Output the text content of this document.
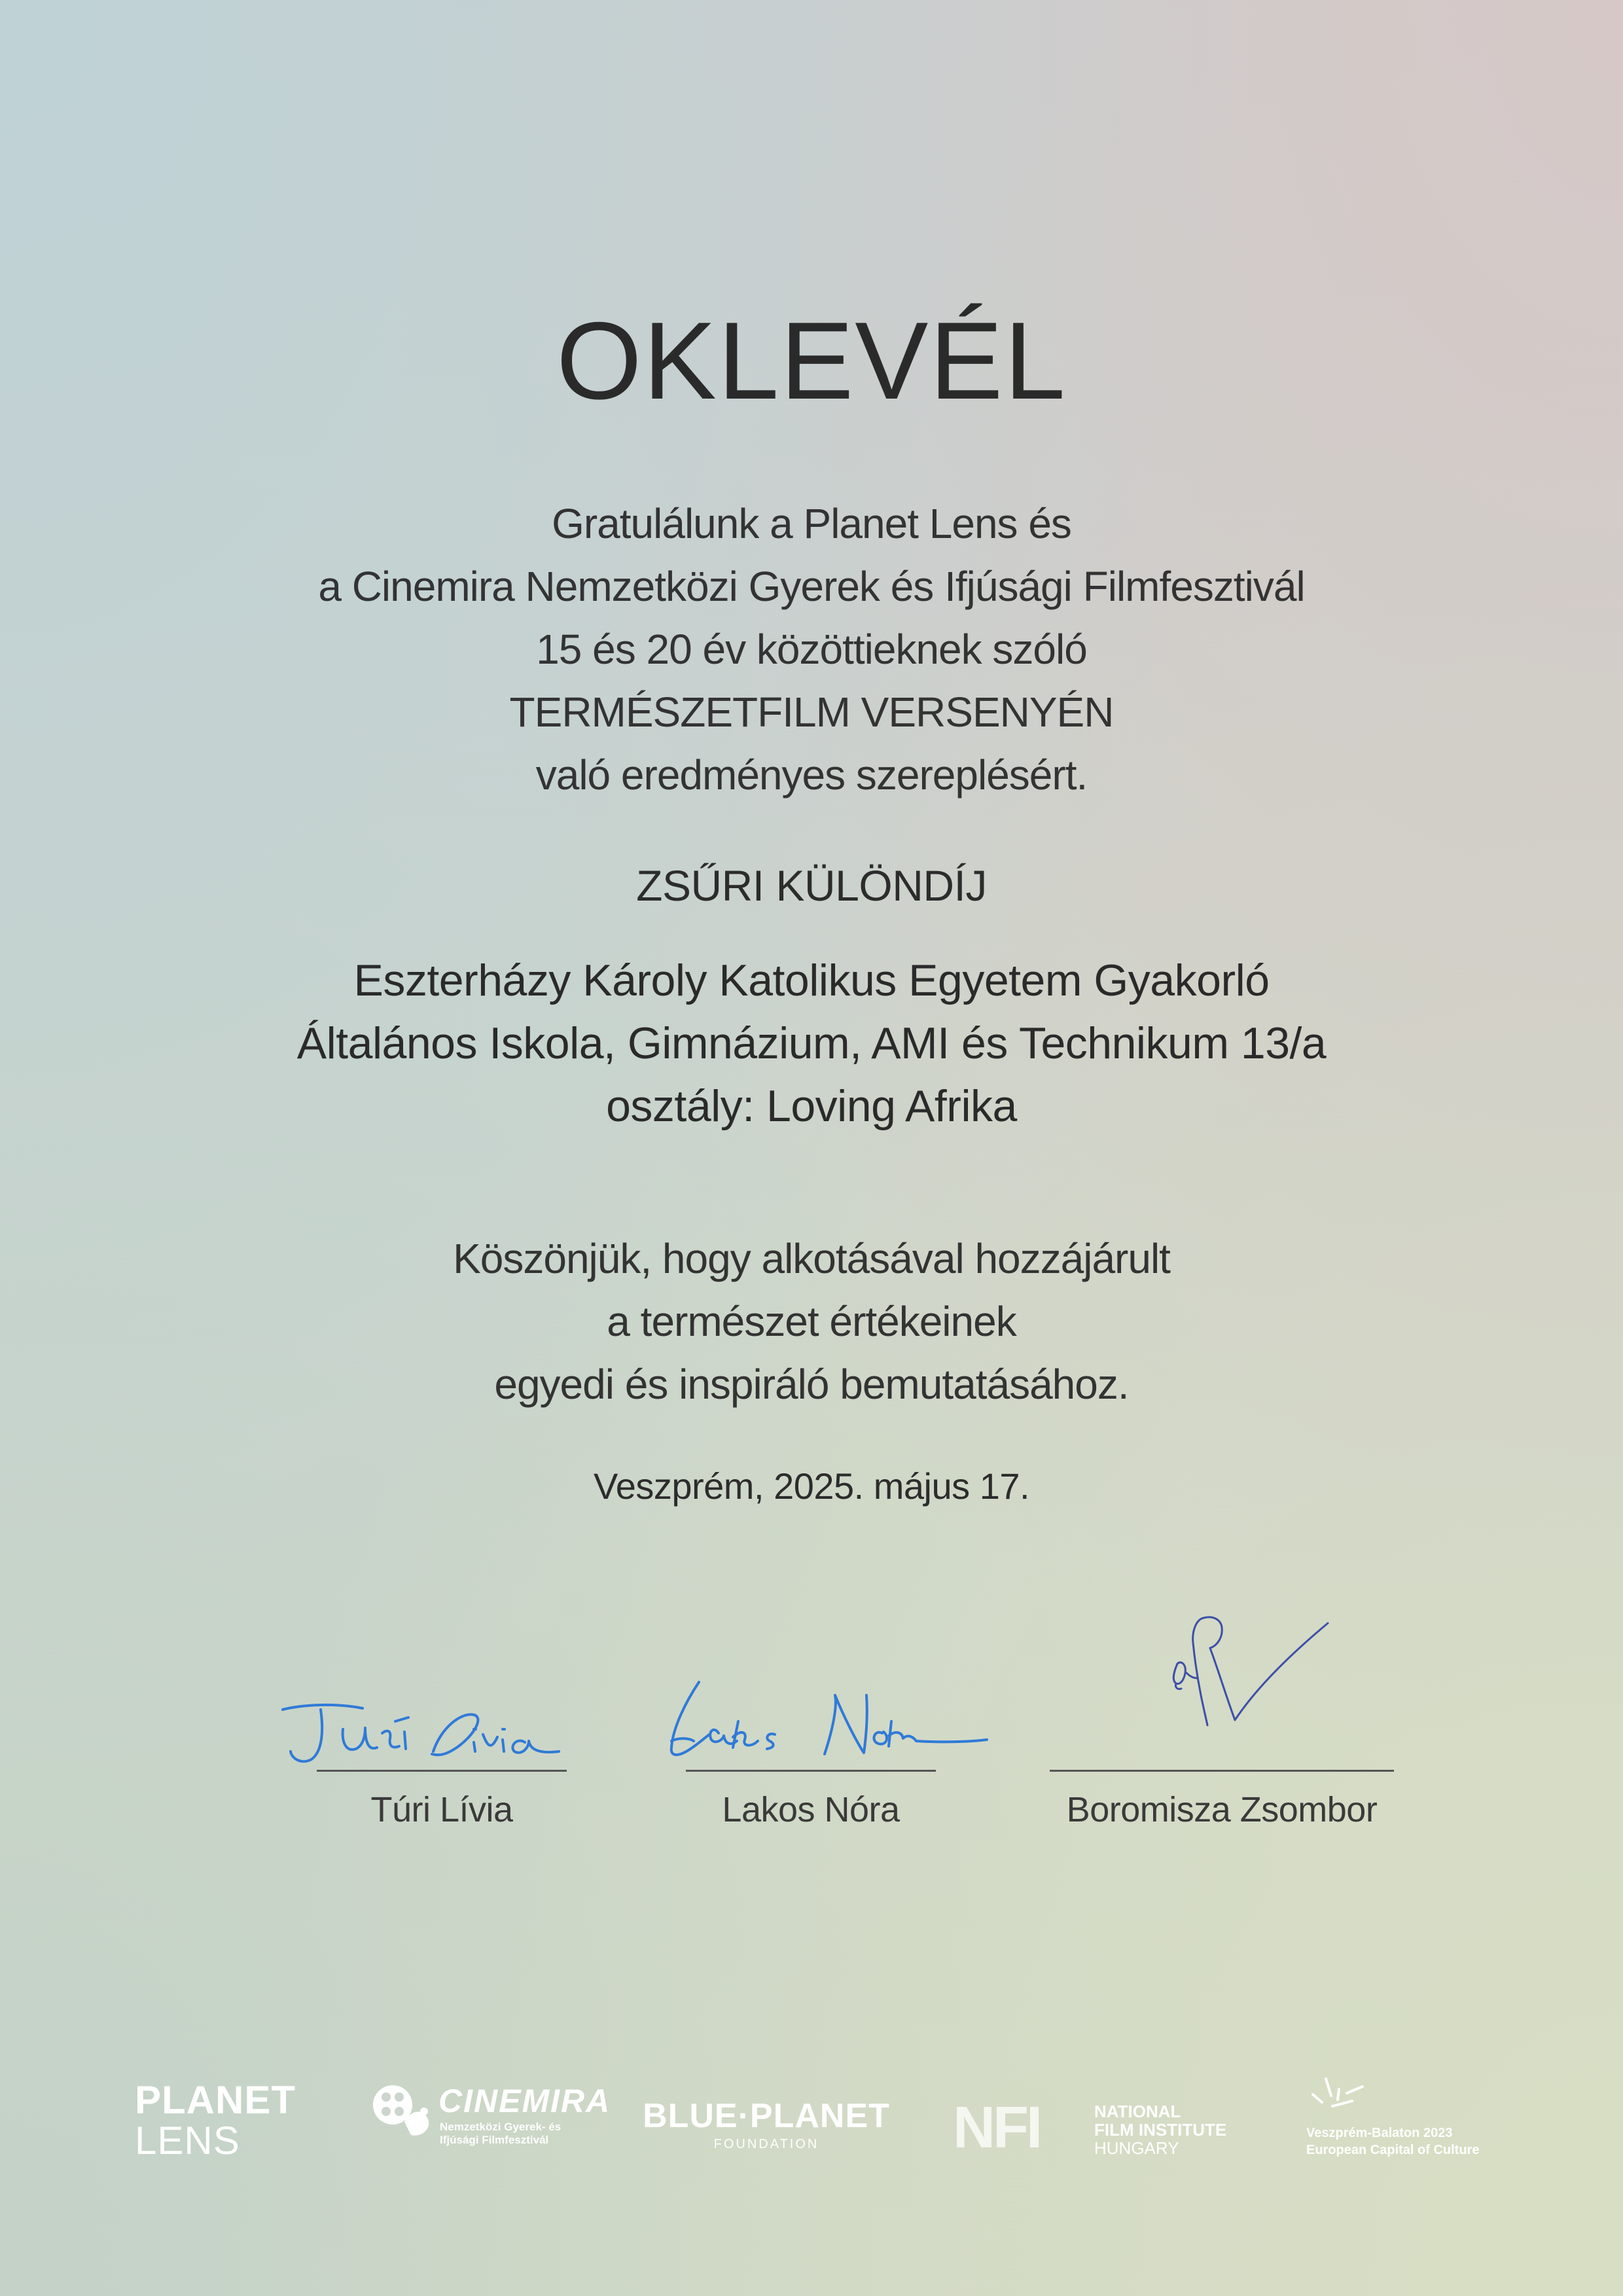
OKLEVÉL
Gratulálunk a Planet Lens és
a Cinemira Nemzetközi Gyerek és Ifjúsági Filmfesztivál
15 és 20 év közöttieknek szóló
TERMÉSZETFILM VERSENYÉN
való eredményes szereplésért.
ZSŰRI KÜLÖNDÍJ
Eszterházy Károly Katolikus Egyetem Gyakorló
Általános Iskola, Gimnázium, AMI és Technikum 13/a
osztály: Loving Afrika
Köszönjük, hogy alkotásával hozzájárult
a természet értékeinek
egyedi és inspiráló bemutatásához.
Veszprém, 2025. május 17.
Túri Lívia	Lakos Nóra	Boromisza Zsombor
PLANET
LENS
CINEMIRA
Nemzetközi Gyerek- és
Ifjúsági Filmfesztivál
BLUE·PLANET
FOUNDATION	NFI	NATIONAL
FILM INSTITUTE
HUNGARY
Veszprém-Balaton 2023
European Capital of Culture
